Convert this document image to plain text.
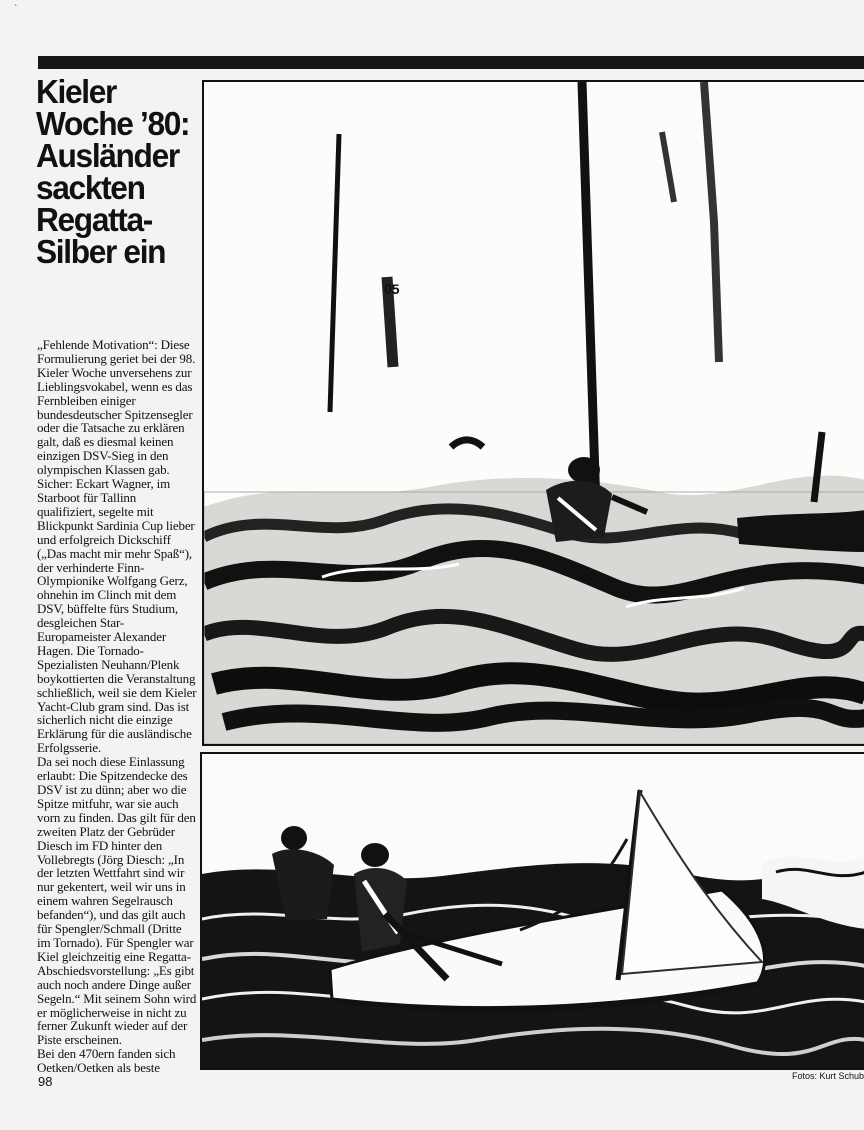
`
Kieler
Woche ’80:
Ausländer
sackten
Regatta-
Silber ein

„Fehlende Motivation“: Diese Formulierung geriet bei der 98. Kieler Woche unversehens zur Lieblingsvokabel, wenn es das Fernbleiben einiger bundesdeutscher Spitzensegler oder die Tatsache zu erklären galt, daß es diesmal keinen einzigen DSV-Sieg in den olympischen Klassen gab. Sicher: Eckart Wagner, im Starboot für Tallinn qualifiziert, segelte mit Blickpunkt Sardinia Cup lieber und erfolgreich Dickschiff („Das macht mir mehr Spaß“), der verhinderte Finn-Olympionike Wolfgang Gerz, ohnehin im Clinch mit dem DSV, büffelte fürs Studium, desgleichen Star-Europameister Alexander Hagen. Die Tornado-Spezialisten Neuhann/Plenk boykottierten die Veranstaltung schließlich, weil sie dem Kieler Yacht-Club gram sind. Das ist sicherlich nicht die einzige Erklärung für die ausländische Erfolgsserie.

Da sei noch diese Einlassung erlaubt: Die Spitzendecke des DSV ist zu dünn; aber wo die Spitze mitfuhr, war sie auch vorn zu finden. Das gilt für den zweiten Platz der Gebrüder Diesch im FD hinter den Vollebregts (Jörg Diesch: „In der letzten Wettfahrt sind wir nur gekentert, weil wir uns in einem wahren Segelrausch befanden“), und das gilt auch für Spengler/Schmall (Dritte im Tornado). Für Spengler war Kiel gleichzeitig eine Regatta-Abschiedsvorstellung: „Es gibt auch noch andere Dinge außer Segeln.“ Mit seinem Sohn wird er möglicherweise in nicht zu ferner Zukunft wieder auf der Piste erscheinen.

Bei den 470ern fanden sich Oetken/Oetken als beste

05
98	Fotos: Kurt Schub
